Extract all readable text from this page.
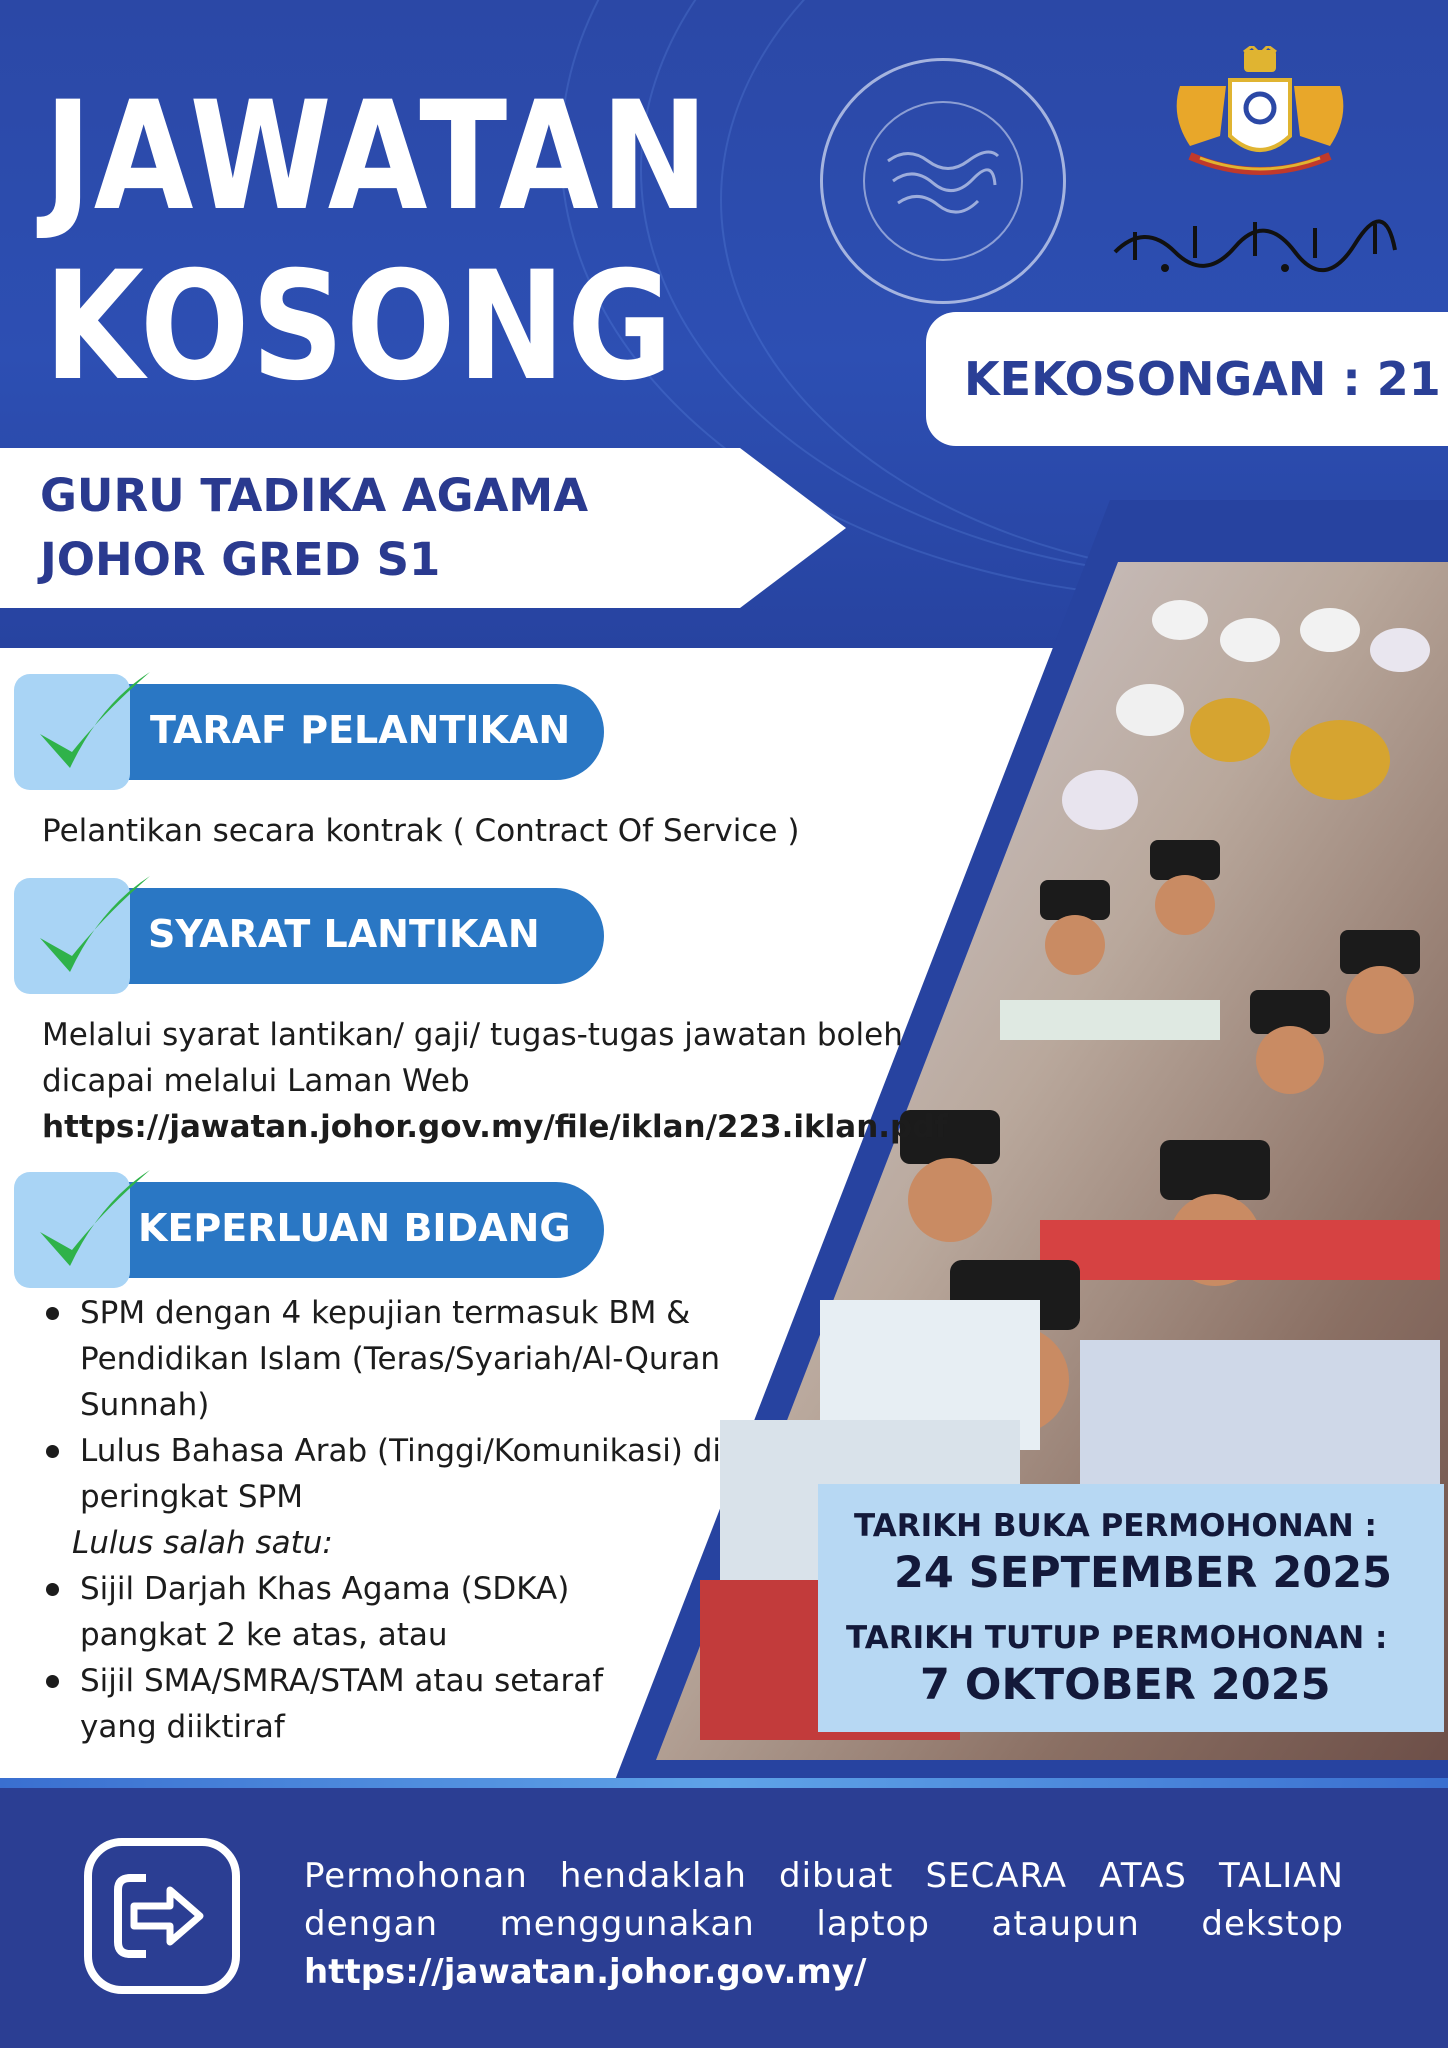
JAWATAN
KOSONG	KEKOSONGAN : 21
GURU TADIKA AGAMA
JOHOR GRED S1
TARIKH BUKA PERMOHONAN :
24 SEPTEMBER 2025
TARIKH TUTUP PERMOHONAN :
7 OKTOBER 2025
TARAF PELANTIKAN
Pelantikan secara kontrak ( Contract Of Service )
SYARAT LANTIKAN
Melalui syarat lantikan/ gaji/ tugas-tugas jawatan boleh
dicapai melalui Laman Web
https://jawatan.johor.gov.my/file/iklan/223.iklan.pdf
KEPERLUAN BIDANG
SPM dengan 4 kepujian termasuk BM & Pendidikan Islam (Teras/Syariah/Al-Quran Sunnah)
Lulus Bahasa Arab (Tinggi/Komunikasi) di peringkat SPM
Lulus salah satu:
Sijil Darjah Khas Agama (SDKA) pangkat 2 ke atas, atau
Sijil SMA/SMRA/STAM atau setaraf yang diiktiraf
Permohonan hendaklah dibuat SECARA ATAS TALIAN
dengan menggunakan laptop ataupun dekstop
https://jawatan.johor.gov.my/
